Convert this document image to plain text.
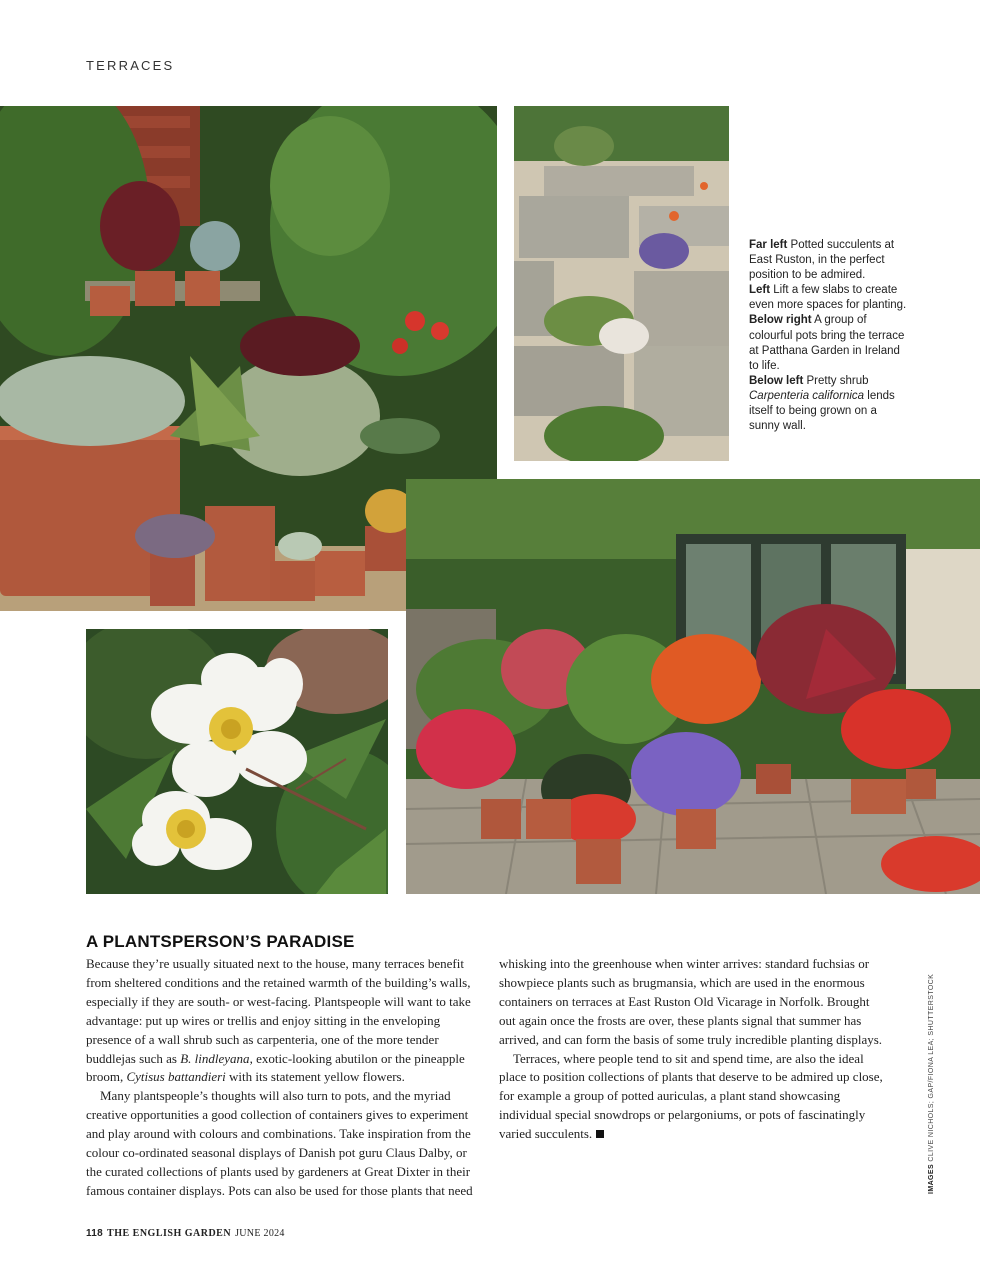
TERRACES
Far left Potted succulents at East Ruston, in the perfect position to be admired.
Left Lift a few slabs to create even more spaces for planting.
Below right A group of colourful pots bring the terrace at Patthana Garden in Ireland to life.
Below left Pretty shrub Carpenteria californica lends itself to being grown on a sunny wall.
A PLANTSPERSON’S PARADISE

Because they’re usually situated next to the house, many terraces benefit from sheltered conditions and the retained warmth of the building’s walls, especially if they are south- or west-facing. Plantspeople will want to take advantage: put up wires or trellis and enjoy sitting in the enveloping presence of a wall shrub such as carpenteria, one of the more tender buddlejas such as B. lindleyana, exotic-looking abutilon or the pineapple broom, Cytisus battandieri with its statement yellow flowers.

Many plantspeople’s thoughts will also turn to pots, and the myriad creative opportunities a good collection of containers gives to experiment and play around with colours and combinations. Take inspiration from the colour co-ordinated seasonal displays of Danish pot guru Claus Dalby, or the curated collections of plants used by gardeners at Great Dixter in their famous container displays. Pots can also be used for those plants that need

whisking into the greenhouse when winter arrives: standard fuchsias or showpiece plants such as brugmansia, which are used in the enormous containers on terraces at East Ruston Old Vicarage in Norfolk. Brought out again once the frosts are over, these plants signal that summer has arrived, and can form the basis of some truly incredible planting displays.

Terraces, where people tend to sit and spend time, are also the ideal place to position collections of plants that deserve to be admired up close, for example a group of potted auriculas, a plant stand showcasing individual special snowdrops or pelargoniums, or pots of fascinatingly varied succulents.

IMAGES CLIVE NICHOLS; GAP/FIONA LEA; SHUTTERSTOCK
118 THE ENGLISH GARDEN JUNE 2024
